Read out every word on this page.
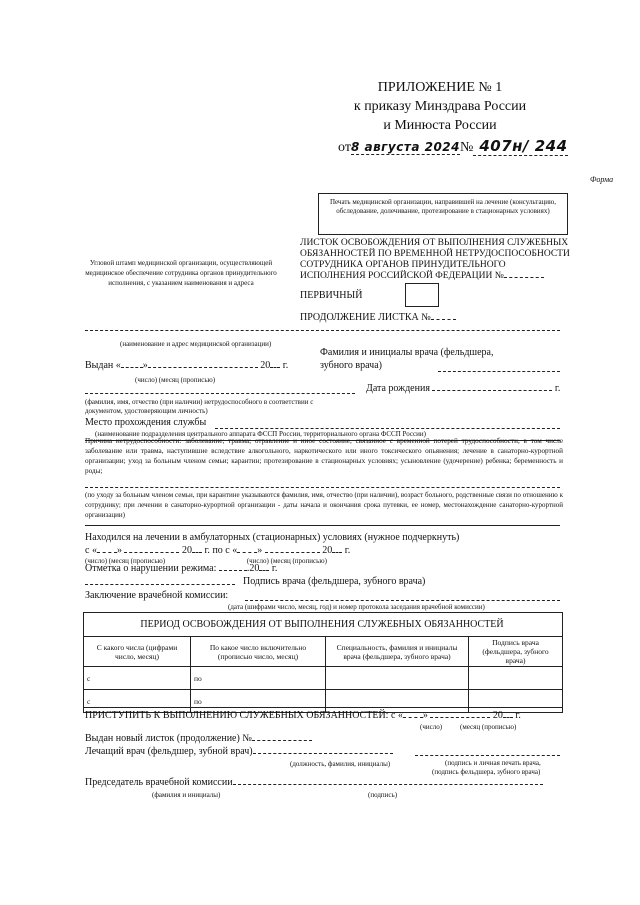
ПРИЛОЖЕНИЕ № 1
к приказу Минздрава России
и Минюста России
от8 августа 2024№ 407н/ 244
Форма
Печать медицинской организации, направившей на лечение (консультацию, обследование, долечивание, протезирование в стационарных условиях)
Угловой штамп медицинской организации, осуществляющей медицинское обеспечение сотрудника органов принудительного исполнения, с указанием наименования и адреса
ЛИСТОК ОСВОБОЖДЕНИЯ ОТ ВЫПОЛНЕНИЯ СЛУЖЕБНЫХ ОБЯЗАННОСТЕЙ ПО ВРЕМЕННОЙ НЕТРУДОСПОСОБНОСТИ СОТРУДНИКА ОРГАНОВ ПРИНУДИТЕЛЬНОГО ИСПОЛНЕНИЯ РОССИЙСКОЙ ФЕДЕРАЦИИ №
ПЕРВИЧНЫЙ
ПРОДОЛЖЕНИЕ ЛИСТКА №
(наименование и адрес медицинской организации)
Фамилия и инициалы врача (фельдшера, зубного врача)
Выдан « »	20 г.
(число) (месяц (прописью)
Дата рождения	г.
(фамилия, имя, отчество (при наличии) нетрудоспособного в соответствии с документом, удостоверяющим личность)
Место прохождения службы
(наименование подразделения центрального аппарата ФССП России, территориального органа ФССП России)
Причина нетрудоспособности: заболевание; травма; отравление и иное состояние, связанное с временной потерей трудоспособности, в том числе заболевание или травма, наступившие вследствие алкогольного, наркотического или иного токсического опьянения; лечение в санаторно-курортной организации; уход за больным членом семьи; карантин; протезирование в стационарных условиях; усыновление (удочерение) ребенка; беременность и роды;
(по уходу за больным членом семьи, при карантине указываются фамилия, имя, отчество (при наличии), возраст больного, родственные связи по отношению к сотруднику; при лечении в санаторно-курортной организации - даты начала и окончания срока путевки, ее номер, местонахождение санаторно-курортной организации)
Находился на лечении в амбулаторных (стационарных) условиях (нужное подчеркнуть)
с « »	20 г. по с « »	20 г.
(число) (месяц (прописью)	(число) (месяц (прописью)
Отметка о нарушении режима:	.20 г.
Подпись врача (фельдшера, зубного врача)
Заключение врачебной комиссии:
(дата (шифрами число, месяц, год) и номер протокола заседания врачебной комиссии)
ПЕРИОД ОСВОБОЖДЕНИЯ ОТ ВЫПОЛНЕНИЯ СЛУЖЕБНЫХ ОБЯЗАННОСТЕЙ
С какого числа (цифрами число, месяц)	По какое число включительно (прописью число, месяц)	Специальность, фамилия и инициалы врача (фельдшера, зубного врача)	Подпись врача (фельдшера, зубного врача)
с	по		
с	по		
ПРИСТУПИТЬ К ВЫПОЛНЕНИЮ СЛУЖЕБНЫХ ОБЯЗАННОСТЕЙ: с « »	20 г.
(число)	(месяц (прописью)
Выдан новый листок (продолжение) №
Лечащий врач (фельдшер, зубной врач)
(должность, фамилия, инициалы)	(подпись и личная печать врача,
(подпись фельдшера, зубного врача)
Председатель врачебной комиссии
(фамилия и инициалы)	(подпись)
